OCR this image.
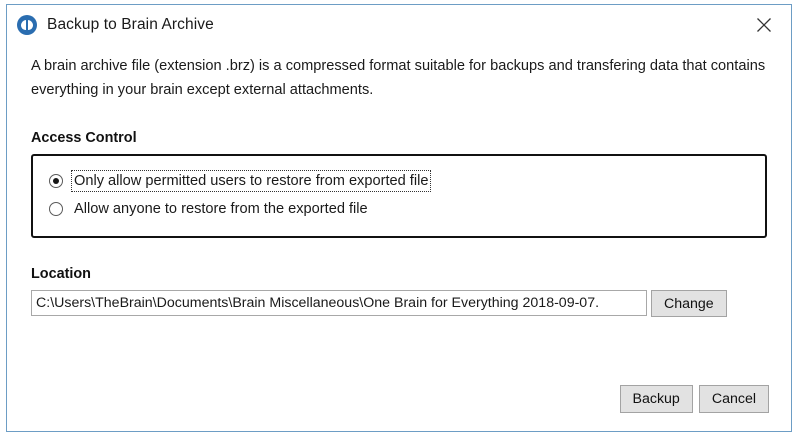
Backup to Brain Archive

A brain archive file (extension .brz) is a compressed format suitable for backups and transfering data that contains everything in your brain except external attachments.

Access Control
Only allow permitted users to restore from exported file
Allow anyone to restore from the exported file
Location
C:\Users\TheBrain\Documents\Brain Miscellaneous\One Brain for Everything 2018-09-07.
Change
Backup	Cancel
